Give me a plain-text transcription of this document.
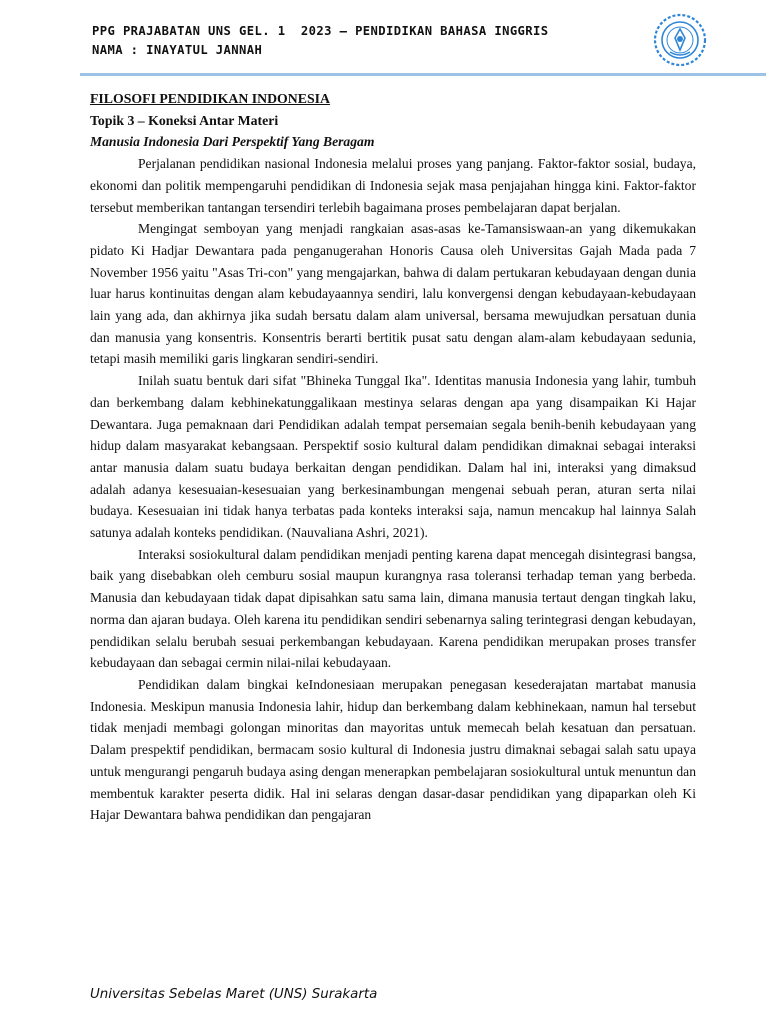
PPG PRAJABATAN UNS GEL. 1  2023 – PENDIDIKAN BAHASA INGGRIS
NAMA : INAYATUL JANNAH

FILOSOFI PENDIDIKAN INDONESIA

Topik 3 – Koneksi Antar Materi

Manusia Indonesia Dari Perspektif Yang Beragam

Perjalanan pendidikan nasional Indonesia melalui proses yang panjang. Faktor-faktor sosial, budaya, ekonomi dan politik mempengaruhi pendidikan di Indonesia sejak masa penjajahan hingga kini. Faktor-faktor tersebut memberikan tantangan tersendiri terlebih bagaimana proses pembelajaran dapat berjalan.

Mengingat semboyan yang menjadi rangkaian asas-asas ke-Tamansiswaan-an yang dikemukakan pidato Ki Hadjar Dewantara pada penganugerahan Honoris Causa oleh Universitas Gajah Mada pada 7 November 1956 yaitu "Asas Tri-con" yang mengajarkan, bahwa di dalam pertukaran kebudayaan dengan dunia luar harus kontinuitas dengan alam kebudayaannya sendiri, lalu konvergensi dengan kebudayaan-kebudayaan lain yang ada, dan akhirnya jika sudah bersatu dalam alam universal, bersama mewujudkan persatuan dunia dan manusia yang konsentris. Konsentris berarti bertitik pusat satu dengan alam-alam kebudayaan sedunia, tetapi masih memiliki garis lingkaran sendiri-sendiri.

Inilah suatu bentuk dari sifat "Bhineka Tunggal Ika". Identitas manusia Indonesia yang lahir, tumbuh dan berkembang dalam kebhinekatunggalikaan mestinya selaras dengan apa yang disampaikan Ki Hajar Dewantara. Juga pemaknaan dari Pendidikan adalah tempat persemaian segala benih-benih kebudayaan yang hidup dalam masyarakat kebangsaan. Perspektif sosio kultural dalam pendidikan dimaknai sebagai interaksi antar manusia dalam suatu budaya berkaitan dengan pendidikan. Dalam hal ini, interaksi yang dimaksud adalah adanya kesesuaian-kesesuaian yang berkesinambungan mengenai sebuah peran, aturan serta nilai budaya. Kesesuaian ini tidak hanya terbatas pada konteks interaksi saja, namun mencakup hal lainnya Salah satunya adalah konteks pendidikan. (Nauvaliana Ashri, 2021).

Interaksi sosiokultural dalam pendidikan menjadi penting karena dapat mencegah disintegrasi bangsa, baik yang disebabkan oleh cemburu sosial maupun kurangnya rasa toleransi terhadap teman yang berbeda. Manusia dan kebudayaan tidak dapat dipisahkan satu sama lain, dimana manusia tertaut dengan tingkah laku, norma dan ajaran budaya. Oleh karena itu pendidikan sendiri sebenarnya saling terintegrasi dengan kebudayan, pendidikan selalu berubah sesuai perkembangan kebudayaan. Karena pendidikan merupakan proses transfer kebudayaan dan sebagai cermin nilai-nilai kebudayaan.

Pendidikan dalam bingkai keIndonesiaan merupakan penegasan kesederajatan martabat manusia Indonesia. Meskipun manusia Indonesia lahir, hidup dan berkembang dalam kebhinekaan, namun hal tersebut tidak menjadi membagi golongan minoritas dan mayoritas untuk memecah belah kesatuan dan persatuan. Dalam prespektif pendidikan, bermacam sosio kultural di Indonesia justru dimaknai sebagai salah satu upaya untuk mengurangi pengaruh budaya asing dengan menerapkan pembelajaran sosiokultural untuk menuntun dan membentuk karakter peserta didik. Hal ini selaras dengan dasar-dasar pendidikan yang dipaparkan oleh Ki Hajar Dewantara bahwa pendidikan dan pengajaran

Universitas Sebelas Maret (UNS) Surakarta
